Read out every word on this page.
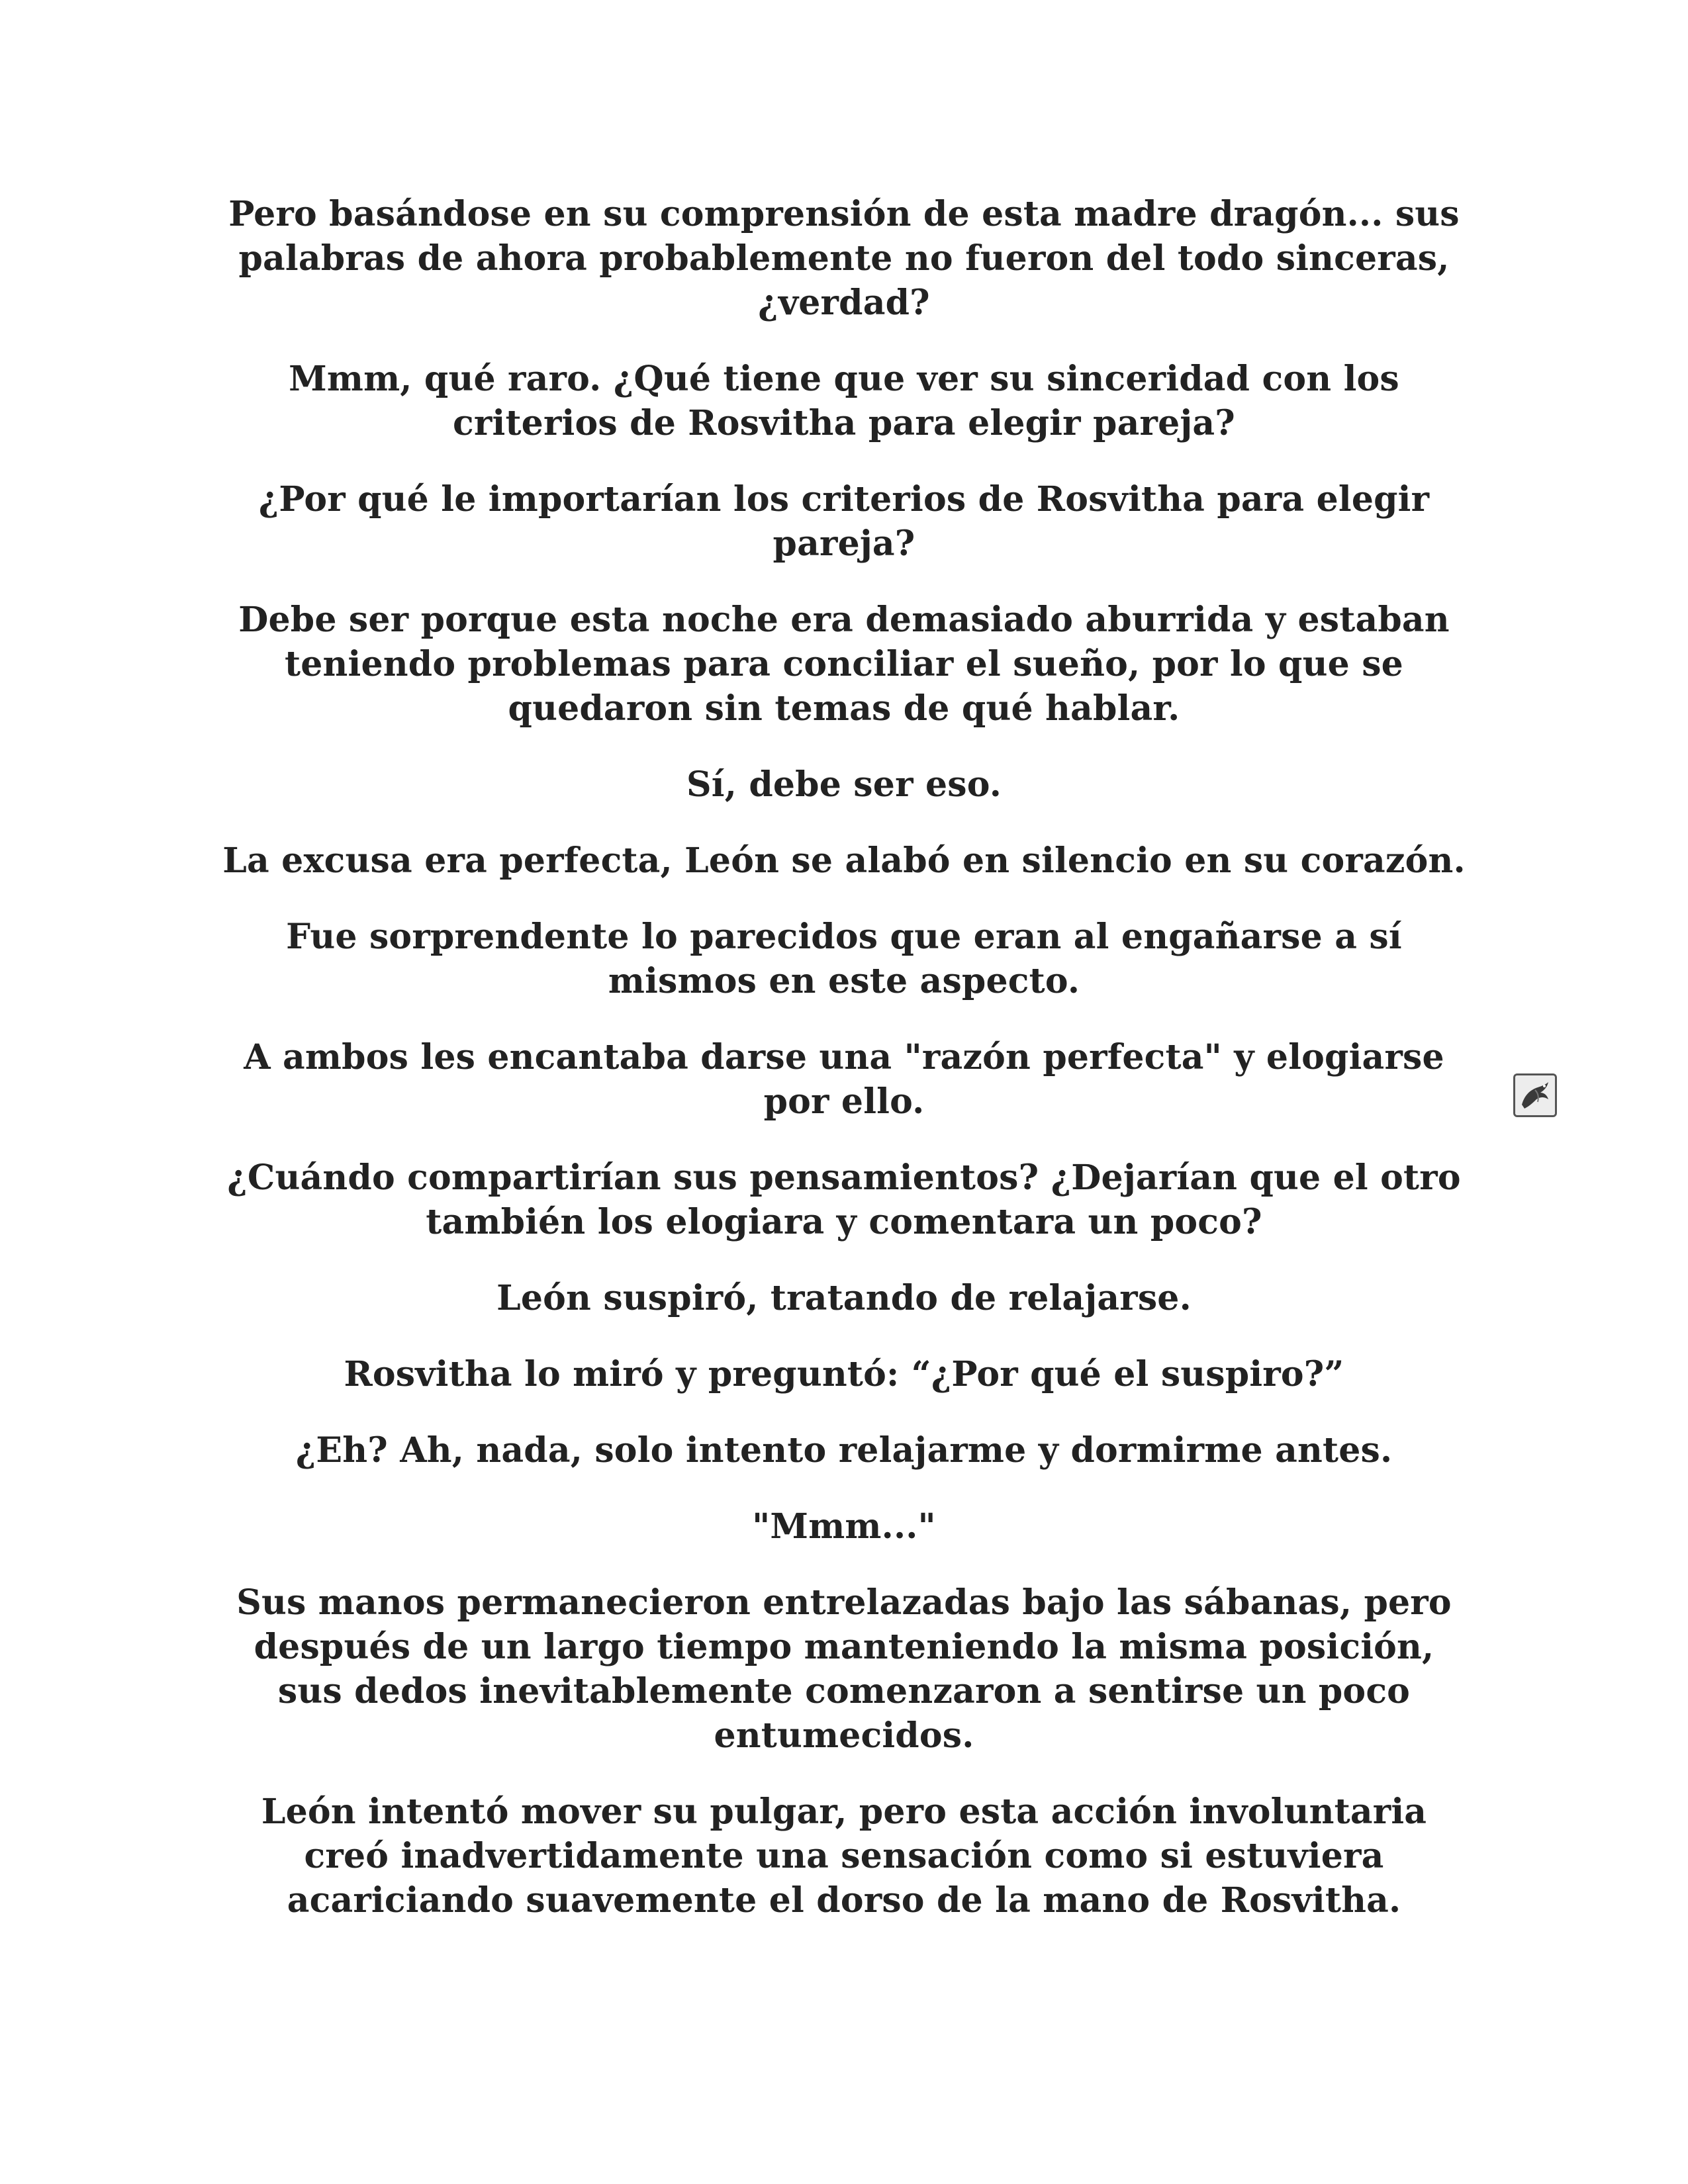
Pero basándose en su comprensión de esta madre dragón... sus palabras de ahora probablemente no fueron del todo sinceras, ¿verdad?

Mmm, qué raro. ¿Qué tiene que ver su sinceridad con los criterios de Rosvitha para elegir pareja?

¿Por qué le importarían los criterios de Rosvitha para elegir pareja?

Debe ser porque esta noche era demasiado aburrida y estaban teniendo problemas para conciliar el sueño, por lo que se quedaron sin temas de qué hablar.

Sí, debe ser eso.

La excusa era perfecta, León se alabó en silencio en su corazón.

Fue sorprendente lo parecidos que eran al engañarse a sí mismos en este aspecto.

A ambos les encantaba darse una "razón perfecta" y elogiarse por ello.

¿Cuándo compartirían sus pensamientos? ¿Dejarían que el otro también los elogiara y comentara un poco?

León suspiró, tratando de relajarse.

Rosvitha lo miró y preguntó: “¿Por qué el suspiro?”

¿Eh? Ah, nada, solo intento relajarme y dormirme antes.

"Mmm..."

Sus manos permanecieron entrelazadas bajo las sábanas, pero después de un largo tiempo manteniendo la misma posición, sus dedos inevitablemente comenzaron a sentirse un poco entumecidos.

León intentó mover su pulgar, pero esta acción involuntaria creó inadvertidamente una sensación como si estuviera acariciando suavemente el dorso de la mano de Rosvitha.
